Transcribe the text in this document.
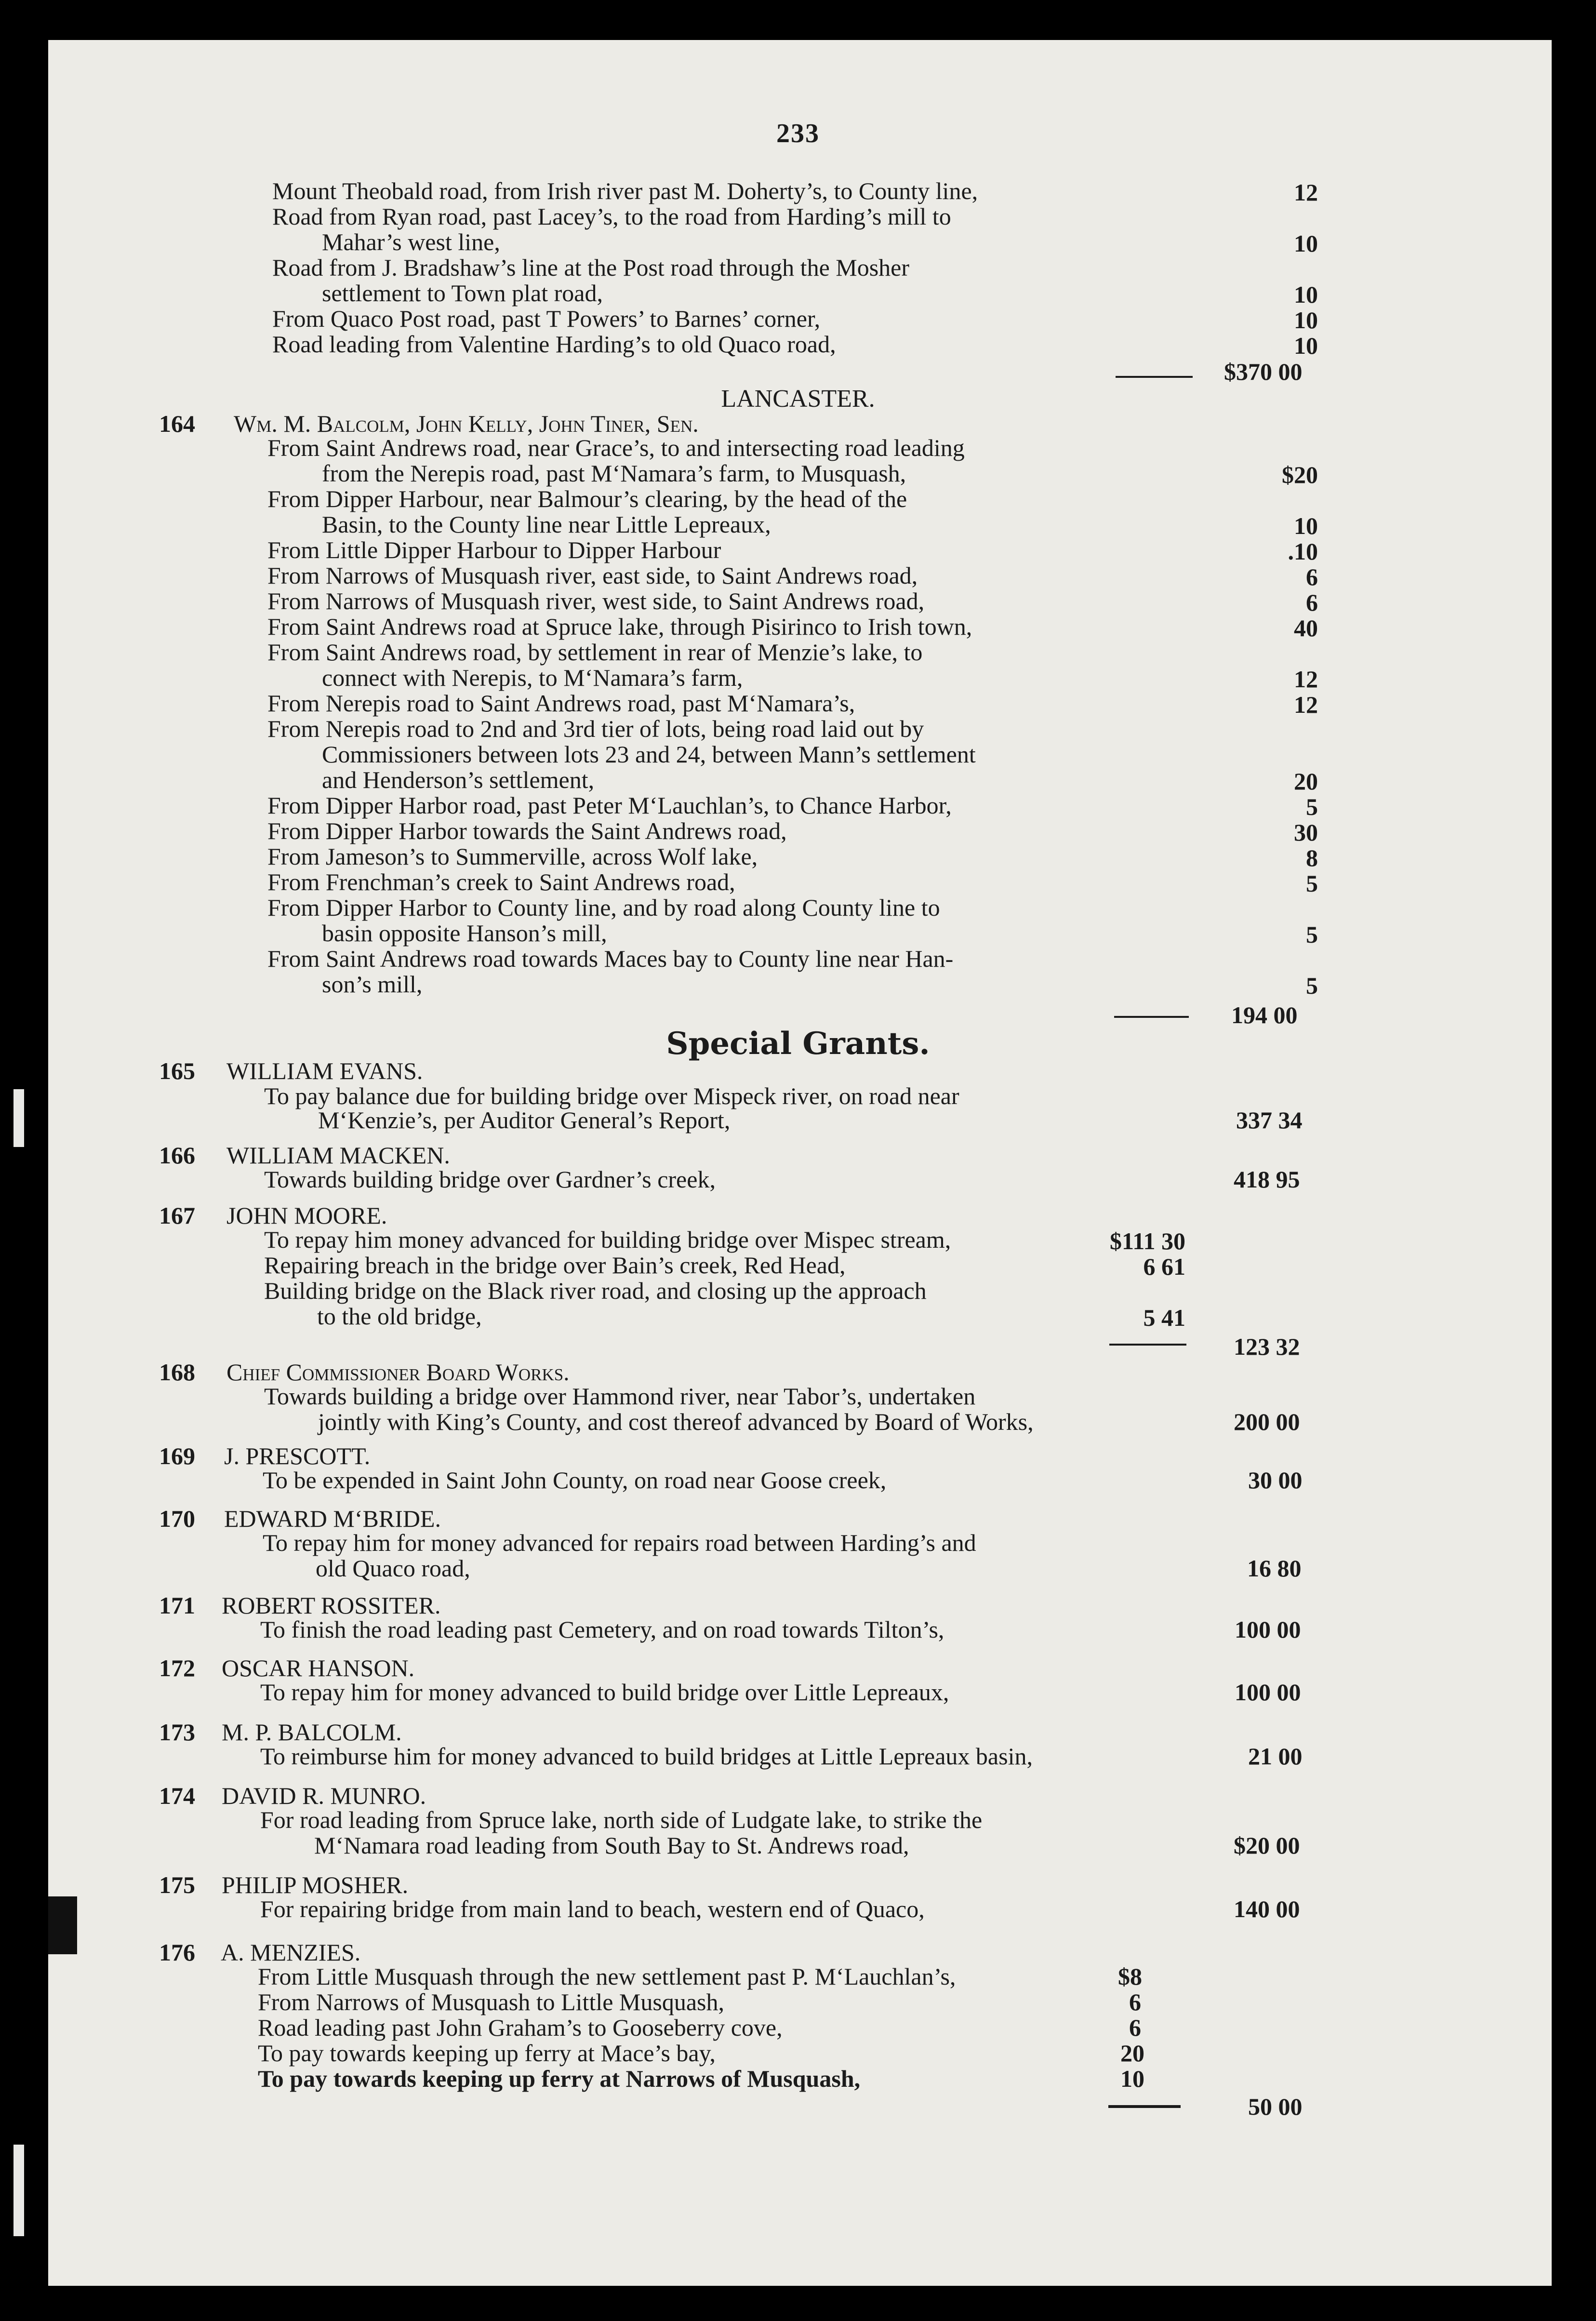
233
Mount Theobald road, from Irish river past M. Doherty’s, to County line,	12
Road from Ryan road, past Lacey’s, to the road from Harding’s mill to
Mahar’s west line,	10
Road from J. Bradshaw’s line at the Post road through the Mosher
settlement to Town plat road,	10
From Quaco Post road, past T Powers’ to Barnes’ corner,	10
Road leading from Valentine Harding’s to old Quaco road,	10
$370 00
LANCASTER.
164 Wm. M. Balcolm, John Kelly, John Tiner, Sen.
From Saint Andrews road, near Grace’s, to and intersecting road leading
from the Nerepis road, past M‘Namara’s farm, to Musquash,	$20
From Dipper Harbour, near Balmour’s clearing, by the head of the
Basin, to the County line near Little Lepreaux,	10
From Little Dipper Harbour to Dipper Harbour	.10
From Narrows of Musquash river, east side, to Saint Andrews road,	6
From Narrows of Musquash river, west side, to Saint Andrews road,	6
From Saint Andrews road at Spruce lake, through Pisirinco to Irish town,	40
From Saint Andrews road, by settlement in rear of Menzie’s lake, to
connect with Nerepis, to M‘Namara’s farm,	12
From Nerepis road to Saint Andrews road, past M‘Namara’s,	12
From Nerepis road to 2nd and 3rd tier of lots, being road laid out by
Commissioners between lots 23 and 24, between Mann’s settlement
and Henderson’s settlement,	20
From Dipper Harbor road, past Peter M‘Lauchlan’s, to Chance Harbor,	5
From Dipper Harbor towards the Saint Andrews road,	30
From Jameson’s to Summerville, across Wolf lake,	8
From Frenchman’s creek to Saint Andrews road,	5
From Dipper Harbor to County line, and by road along County line to
basin opposite Hanson’s mill,	5
From Saint Andrews road towards Maces bay to County line near Han-
son’s mill,	5
194 00
Special Grants.
165 WILLIAM EVANS.
To pay balance due for building bridge over Mispeck river, on road near
M‘Kenzie’s, per Auditor General’s Report,	337 34
166 WILLIAM MACKEN.
Towards building bridge over Gardner’s creek,	418 95
167 JOHN MOORE.
To repay him money advanced for building bridge over Mispec stream,	$111 30
Repairing breach in the bridge over Bain’s creek, Red Head,	6 61
Building bridge on the Black river road, and closing up the approach
to the old bridge,	5 41
123 32
168 Chief Commissioner Board Works.
Towards building a bridge over Hammond river, near Tabor’s, undertaken
jointly with King’s County, and cost thereof advanced by Board of Works,	200 00
169 J. PRESCOTT.
To be expended in Saint John County, on road near Goose creek,	30 00
170 EDWARD M‘BRIDE.
To repay him for money advanced for repairs road between Harding’s and
old Quaco road,	16 80
171 ROBERT ROSSITER.
To finish the road leading past Cemetery, and on road towards Tilton’s,	100 00
172 OSCAR HANSON.
To repay him for money advanced to build bridge over Little Lepreaux,	100 00
173 M. P. BALCOLM.
To reimburse him for money advanced to build bridges at Little Lepreaux basin,	21 00
174 DAVID R. MUNRO.
For road leading from Spruce lake, north side of Ludgate lake, to strike the
M‘Namara road leading from South Bay to St. Andrews road,	$20 00
175 PHILIP MOSHER.
For repairing bridge from main land to beach, western end of Quaco,	140 00
176 A. MENZIES.
From Little Musquash through the new settlement past P. M‘Lauchlan’s,	$8
From Narrows of Musquash to Little Musquash,	6
Road leading past John Graham’s to Gooseberry cove,	6
To pay towards keeping up ferry at Mace’s bay,	20
To pay towards keeping up ferry at Narrows of Musquash,	10
50 00
